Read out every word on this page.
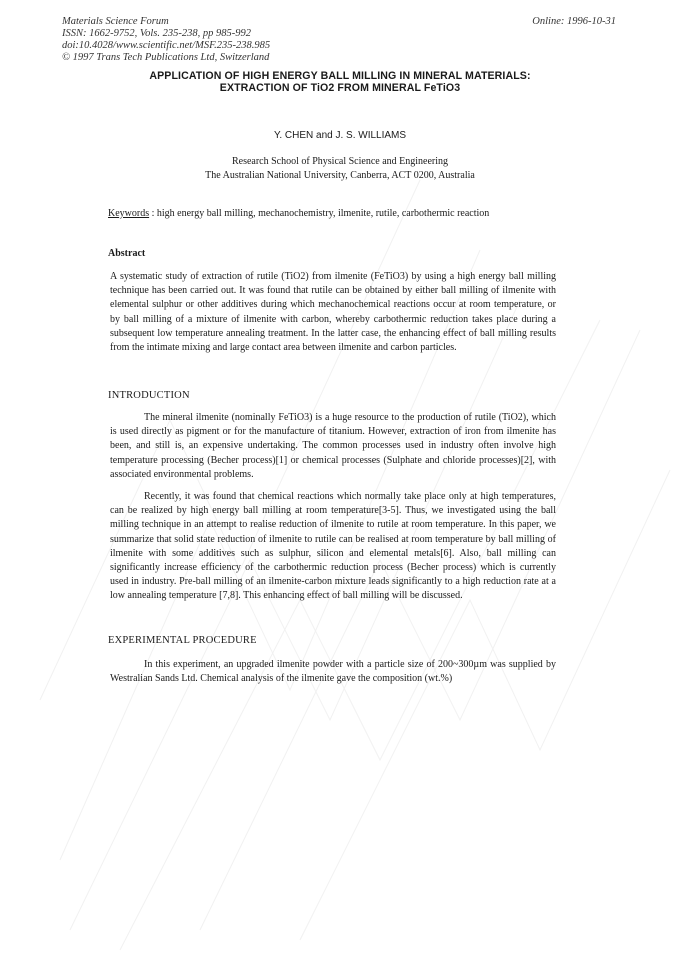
Materials Science Forum
ISSN: 1662-9752, Vols. 235-238, pp 985-992
doi:10.4028/www.scientific.net/MSF.235-238.985
© 1997 Trans Tech Publications Ltd, Switzerland
Online: 1996-10-31
APPLICATION OF HIGH ENERGY BALL MILLING IN MINERAL MATERIALS:
EXTRACTION OF TiO2 FROM MINERAL FeTiO3
Y. CHEN and J. S. WILLIAMS
Research School of Physical Science and Engineering
The Australian National University, Canberra, ACT 0200, Australia
Keywords : high energy ball milling, mechanochemistry, ilmenite, rutile, carbothermic reaction
Abstract
A systematic study of extraction of rutile (TiO2) from ilmenite (FeTiO3) by using a high energy ball milling technique has been carried out. It was found that rutile can be obtained by either ball milling of ilmenite with elemental sulphur or other additives during which mechanochemical reactions occur at room temperature, or by ball milling of a mixture of ilmenite with carbon, whereby carbothermic reduction takes place during a subsequent low temperature annealing treatment. In the latter case, the enhancing effect of ball milling results from the intimate mixing and large contact area between ilmenite and carbon particles.
INTRODUCTION
The mineral ilmenite (nominally FeTiO3) is a huge resource to the production of rutile (TiO2), which is used directly as pigment or for the manufacture of titanium. However, extraction of iron from ilmenite has been, and still is, an expensive undertaking. The common processes used in industry often involve high temperature processing (Becher process)[1] or chemical processes (Sulphate and chloride processes)[2], with associated environmental problems.
Recently, it was found that chemical reactions which normally take place only at high temperatures, can be realized by high energy ball milling at room temperature[3-5]. Thus, we investigated using the ball milling technique in an attempt to realise reduction of ilmenite to rutile at room temperature. In this paper, we summarize that solid state reduction of ilmenite to rutile can be realised at room temperature by ball milling of ilmenite with some additives such as sulphur, silicon and elemental metals[6]. Also, ball milling can significantly increase efficiency of the carbothermic reduction process (Becher process) which is currently used in industry. Pre-ball milling of an ilmenite-carbon mixture leads significantly to a high reduction rate at a low annealing temperature [7,8]. This enhancing effect of ball milling will be discussed.
EXPERIMENTAL PROCEDURE
In this experiment, an upgraded ilmenite powder with a particle size of 200~300µm was supplied by Westralian Sands Ltd. Chemical analysis of the ilmenite gave the composition (wt.%)
